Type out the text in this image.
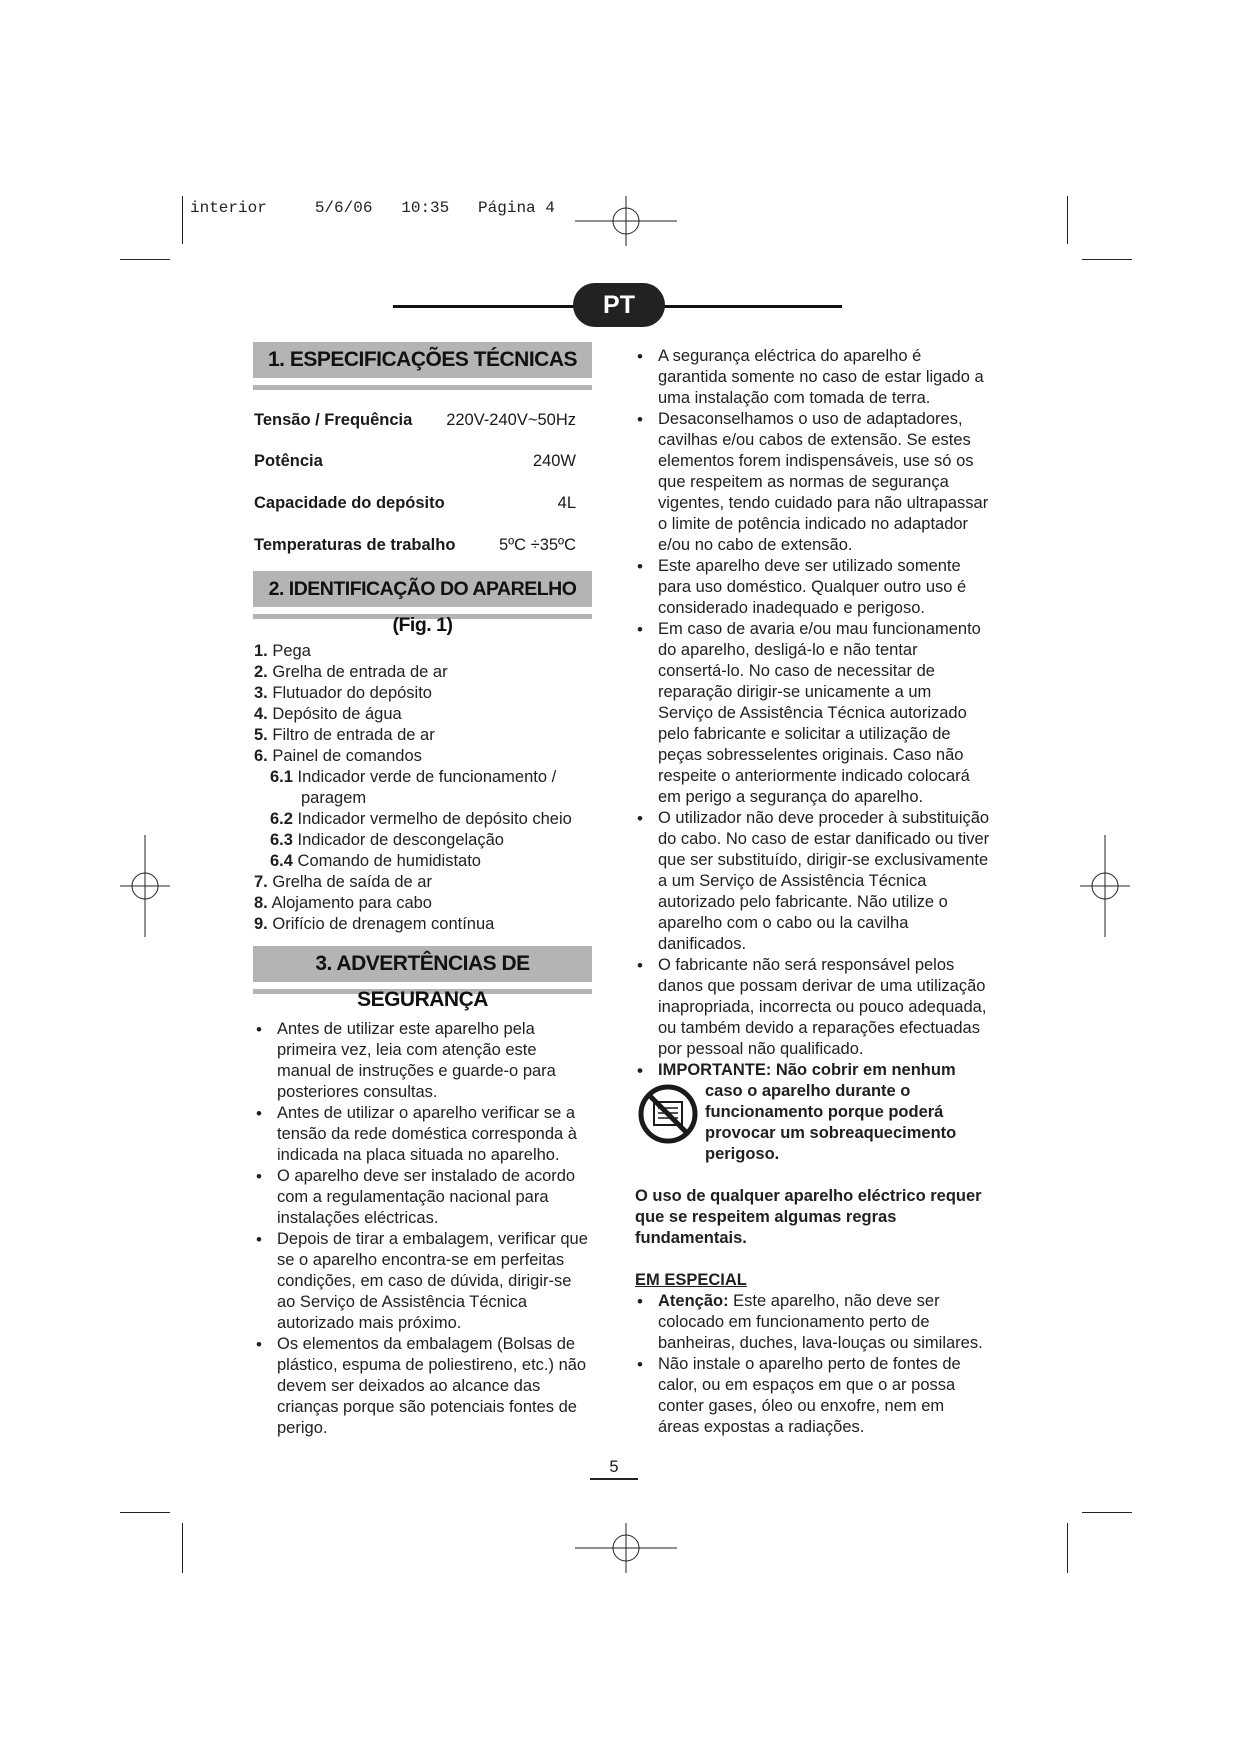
interior     5/6/06   10:35   Página 4
PT
1. ESPECIFICAÇÕES TÉCNICAS
Tensão / Frequência 220V-240V~50Hz
Potência	240W
Capacidade do depósito	4L
Temperaturas de trabalho	5ºC ÷35ºC
2. IDENTIFICAÇÃO DO APARELHO (Fig. 1)
1. Pega
2. Grelha de entrada de ar
3. Flutuador do depósito
4. Depósito de água
5. Filtro de entrada de ar
6. Painel de comandos
6.1 Indicador verde de funcionamento /
paragem
6.2 Indicador vermelho de depósito cheio
6.3 Indicador de descongelação
6.4 Comando de humidistato
7. Grelha de saída de ar
8. Alojamento para cabo
9. Orifício de drenagem contínua
3. ADVERTÊNCIAS DE SEGURANÇA
• Antes de utilizar este aparelho pela primeira vez, leia com atenção este manual de instruções e guarde-o para posteriores consultas.
• Antes de utilizar o aparelho verificar se a tensão da rede doméstica corresponda à indicada na placa situada no aparelho.
• O aparelho deve ser instalado de acordo com a regulamentação nacional para instalações eléctricas.
• Depois de tirar a embalagem, verificar que se o aparelho encontra-se em perfeitas condições, em caso de dúvida, dirigir-se ao Serviço de Assistência Técnica autorizado mais próximo.
• Os elementos da embalagem (Bolsas de plástico, espuma de poliestireno, etc.) não devem ser deixados ao alcance das crianças porque são potenciais fontes de perigo.
• A segurança eléctrica do aparelho é garantida somente no caso de estar ligado a uma instalação com tomada de terra.
• Desaconselhamos o uso de adaptadores, cavilhas e/ou cabos de extensão. Se estes elementos forem indispensáveis, use só os que respeitem as normas de segurança vigentes, tendo cuidado para não ultrapassar o limite de potência indicado no adaptador e/ou no cabo de extensão.
• Este aparelho deve ser utilizado somente para uso doméstico. Qualquer outro uso é considerado inadequado e perigoso.
• Em caso de avaria e/ou mau funcionamento do aparelho, desligá-lo e não tentar consertá-lo. No caso de necessitar de reparação dirigir-se unicamente a um Serviço de Assistência Técnica autorizado pelo fabricante e solicitar a utilização de peças sobresselentes originais. Caso não respeite o anteriormente indicado colocará em perigo a segurança do aparelho.
• O utilizador não deve proceder à substituição do cabo. No caso de estar danificado ou tiver que ser substituído, dirigir-se exclusivamente a um Serviço de Assistência Técnica autorizado pelo fabricante. Não utilize o aparelho com o cabo ou la cavilha danificados.
• O fabricante não será responsável pelos danos que possam derivar de uma utilização inapropriada, incorrecta ou pouco adequada, ou também devido a reparações efectuadas por pessoal não qualificado.
• IMPORTANTE: Não cobrir em nenhum
caso o aparelho durante o funcionamento porque poderá provocar um sobreaquecimento perigoso.

O uso de qualquer aparelho eléctrico requer que se respeitem algumas regras fundamentais.

EM ESPECIAL

• Atenção: Este aparelho, não deve ser colocado em funcionamento perto de banheiras, duches, lava-louças ou similares.
• Não instale o aparelho perto de fontes de calor, ou em espaços em que o ar possa conter gases, óleo ou enxofre, nem em áreas expostas a radiações.
5
